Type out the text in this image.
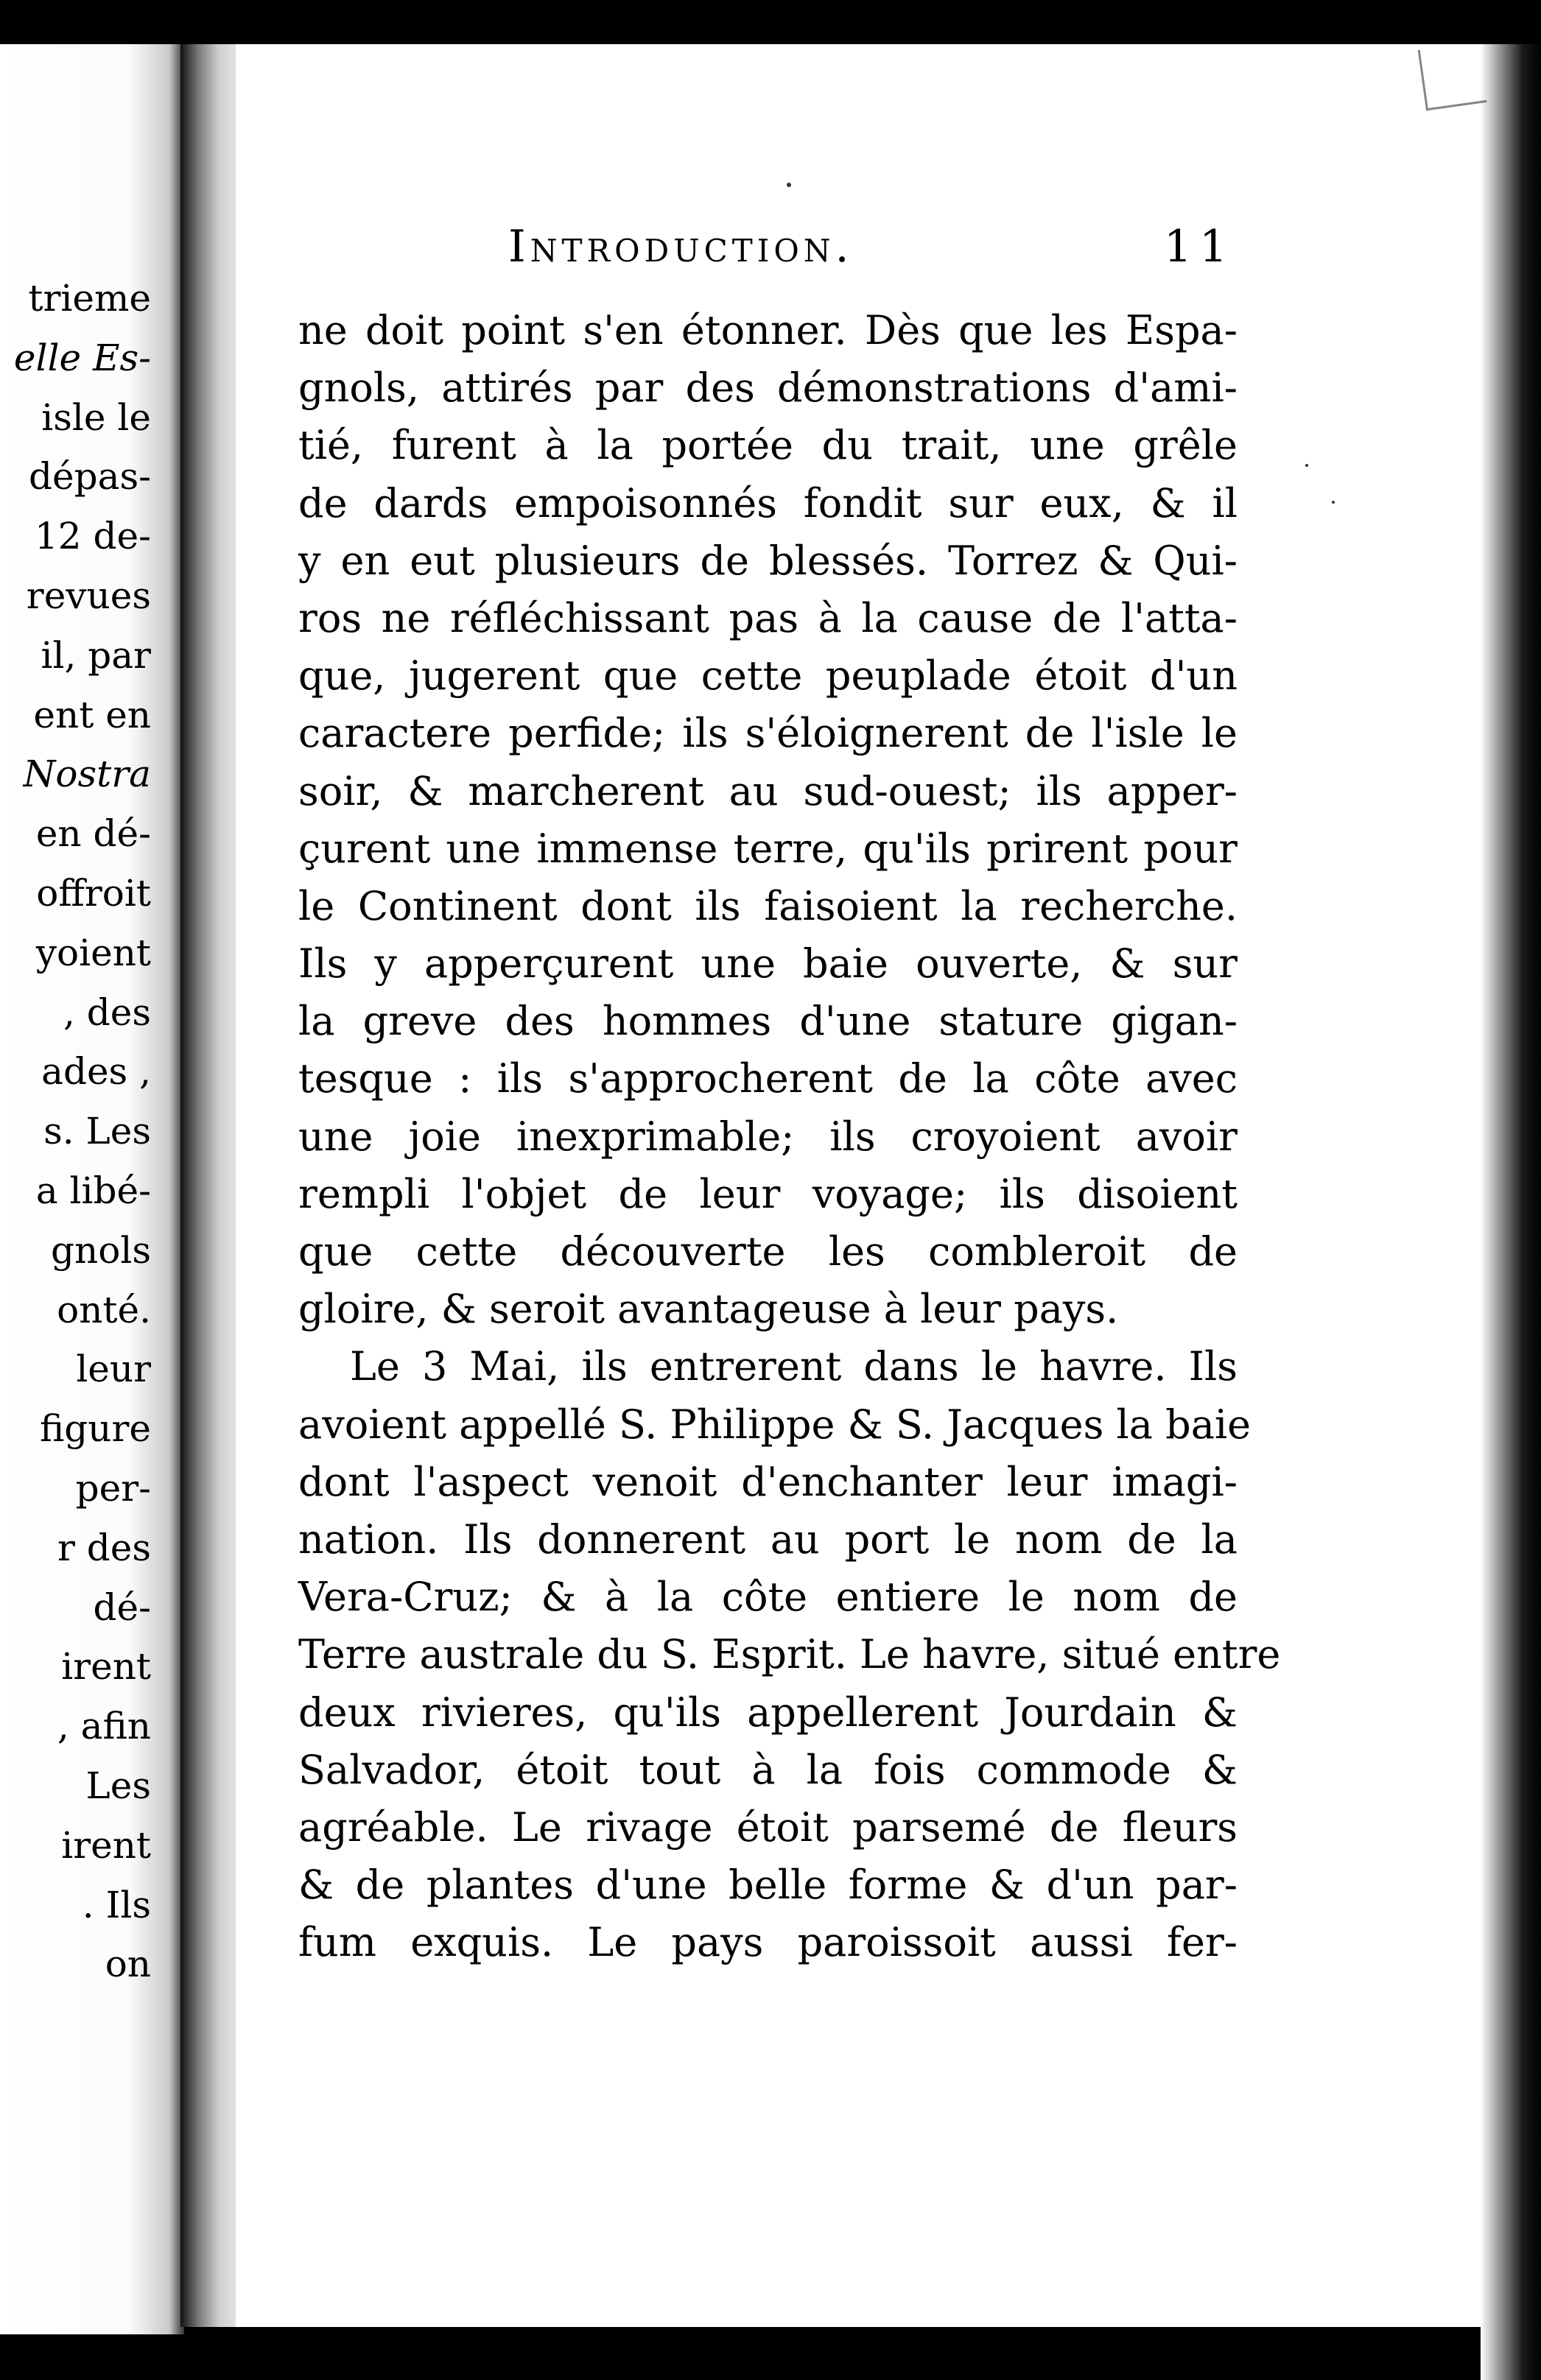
trieme
elle Es-
isle le
dépas-
12 de-
revues
il, par
ent en
Nostra
en dé-
offroit
yoient
, des
ades ,
s. Les
a libé-
gnols
onté.
leur
figure
per-
r des
dé-
irent
, afin
Les
irent
. Ils
on
Introduction.	11
ne doit point s'en étonner. Dès que les Espa-
gnols, attirés par des démonstrations d'ami-
tié, furent à la portée du trait, une grêle
de dards empoisonnés fondit sur eux, & il
y en eut plusieurs de blessés. Torrez & Qui-
ros ne réfléchissant pas à la cause de l'atta-
que, jugerent que cette peuplade étoit d'un
caractere perfide; ils s'éloignerent de l'isle le
soir, & marcherent au sud-ouest; ils apper-
çurent une immense terre, qu'ils prirent pour
le Continent dont ils faisoient la recherche.
Ils y apperçurent une baie ouverte, & sur
la greve des hommes d'une stature gigan-
tesque : ils s'approcherent de la côte avec
une joie inexprimable; ils croyoient avoir
rempli l'objet de leur voyage; ils disoient
que cette découverte les combleroit de
gloire, & seroit avantageuse à leur pays.
Le 3 Mai, ils entrerent dans le havre. Ils
avoient appellé S. Philippe & S. Jacques la baie
dont l'aspect venoit d'enchanter leur imagi-
nation. Ils donnerent au port le nom de la
Vera-Cruz; & à la côte entiere le nom de
Terre australe du S. Esprit. Le havre, situé entre
deux rivieres, qu'ils appellerent Jourdain &
Salvador, étoit tout à la fois commode &
agréable. Le rivage étoit parsemé de fleurs
& de plantes d'une belle forme & d'un par-
fum exquis. Le pays paroissoit aussi fer-
